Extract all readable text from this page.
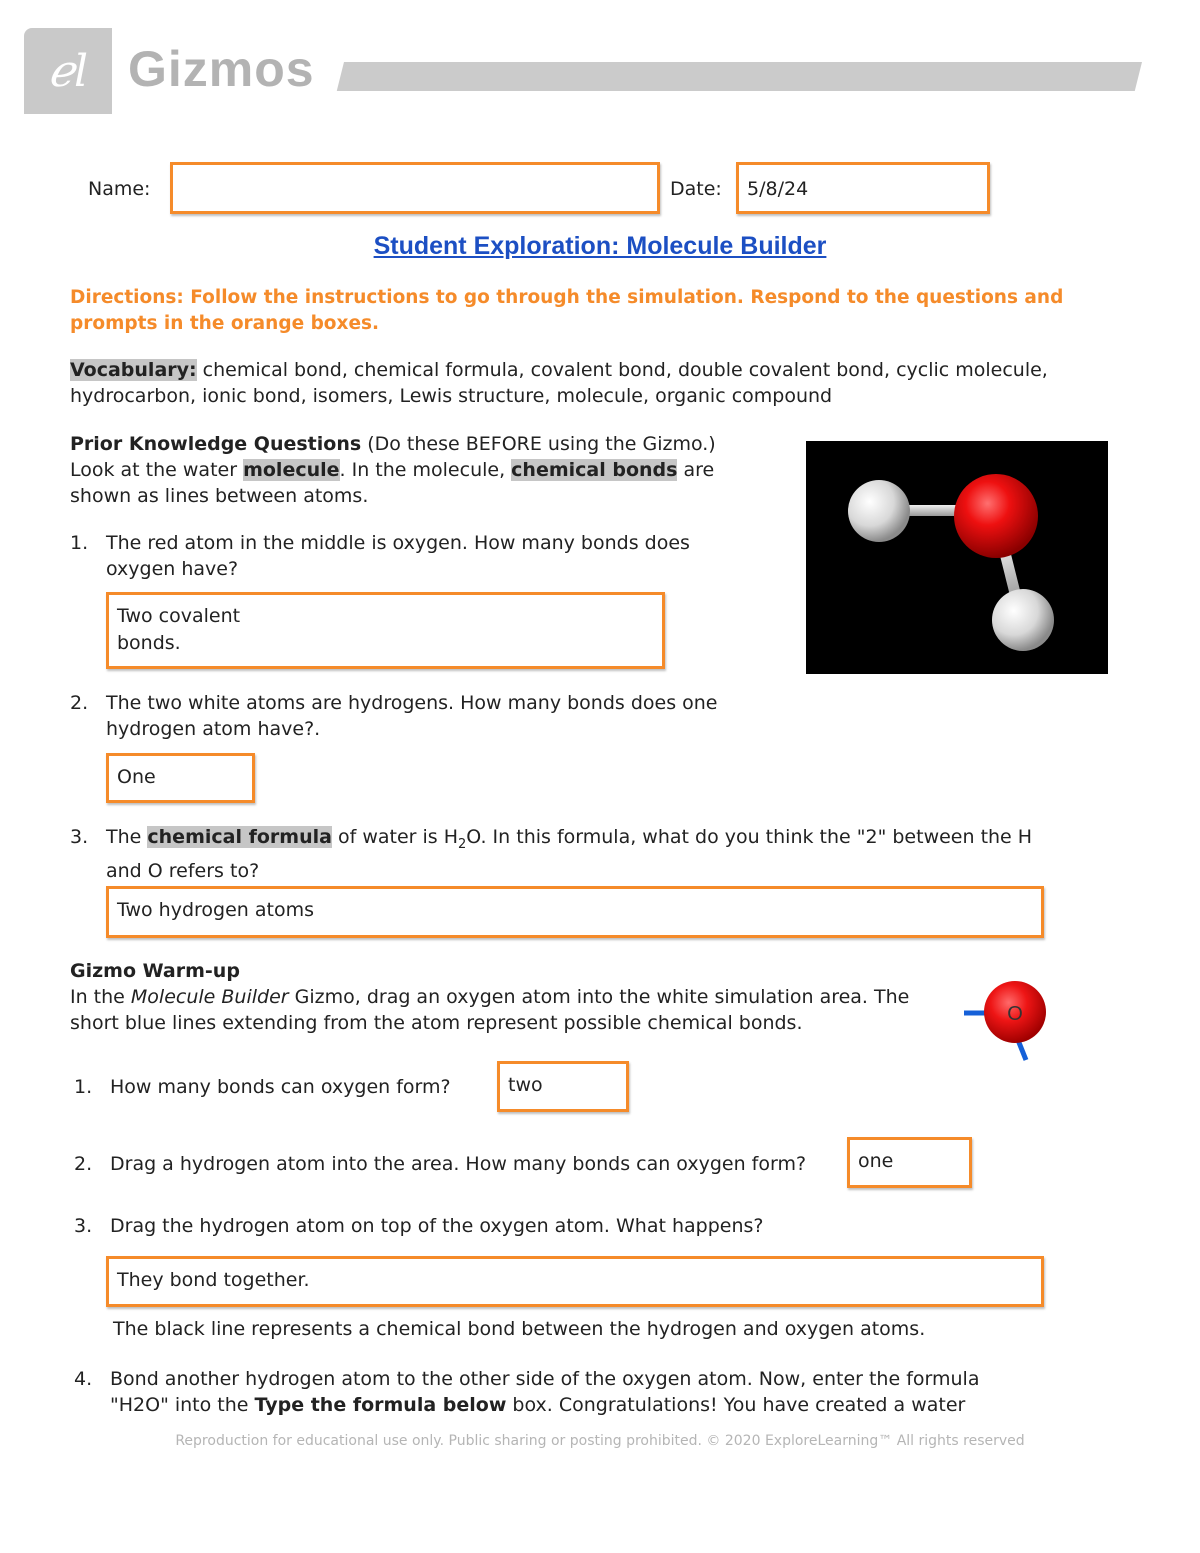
ℯl Gizmos
Name:	Date:	5/8/24
Student Exploration: Molecule Builder
Directions: Follow the instructions to go through the simulation. Respond to the questions and prompts in the orange boxes.
Vocabulary: chemical bond, chemical formula, covalent bond, double covalent bond, cyclic molecule, hydrocarbon, ionic bond, isomers, Lewis structure, molecule, organic compound
Prior Knowledge Questions (Do these BEFORE using the Gizmo.)
Look at the water molecule. In the molecule, chemical bonds are shown as lines between atoms.
1. The red atom in the middle is oxygen. How many bonds does oxygen have?
Two covalent
bonds.
2. The two white atoms are hydrogens. How many bonds does one hydrogen atom have?.
One
3. The chemical formula of water is $H_2O$. In this formula, what do you think the "2" between the H and O refers to?
Two hydrogen atoms
Gizmo Warm-up
In the Molecule Builder Gizmo, drag an oxygen atom into the white simulation area. The short blue lines extending from the atom represent possible chemical bonds.	O
1. How many bonds can oxygen form?	two
2. Drag a hydrogen atom into the area. How many bonds can oxygen form?	one
3. Drag the hydrogen atom on top of the oxygen atom. What happens?
They bond together.
The black line represents a chemical bond between the hydrogen and oxygen atoms.
4. Bond another hydrogen atom to the other side of the oxygen atom. Now, enter the formula "H2O" into the Type the formula below box. Congratulations! You have created a water
Reproduction for educational use only. Public sharing or posting prohibited. © 2020 ExploreLearning™ All rights reserved
